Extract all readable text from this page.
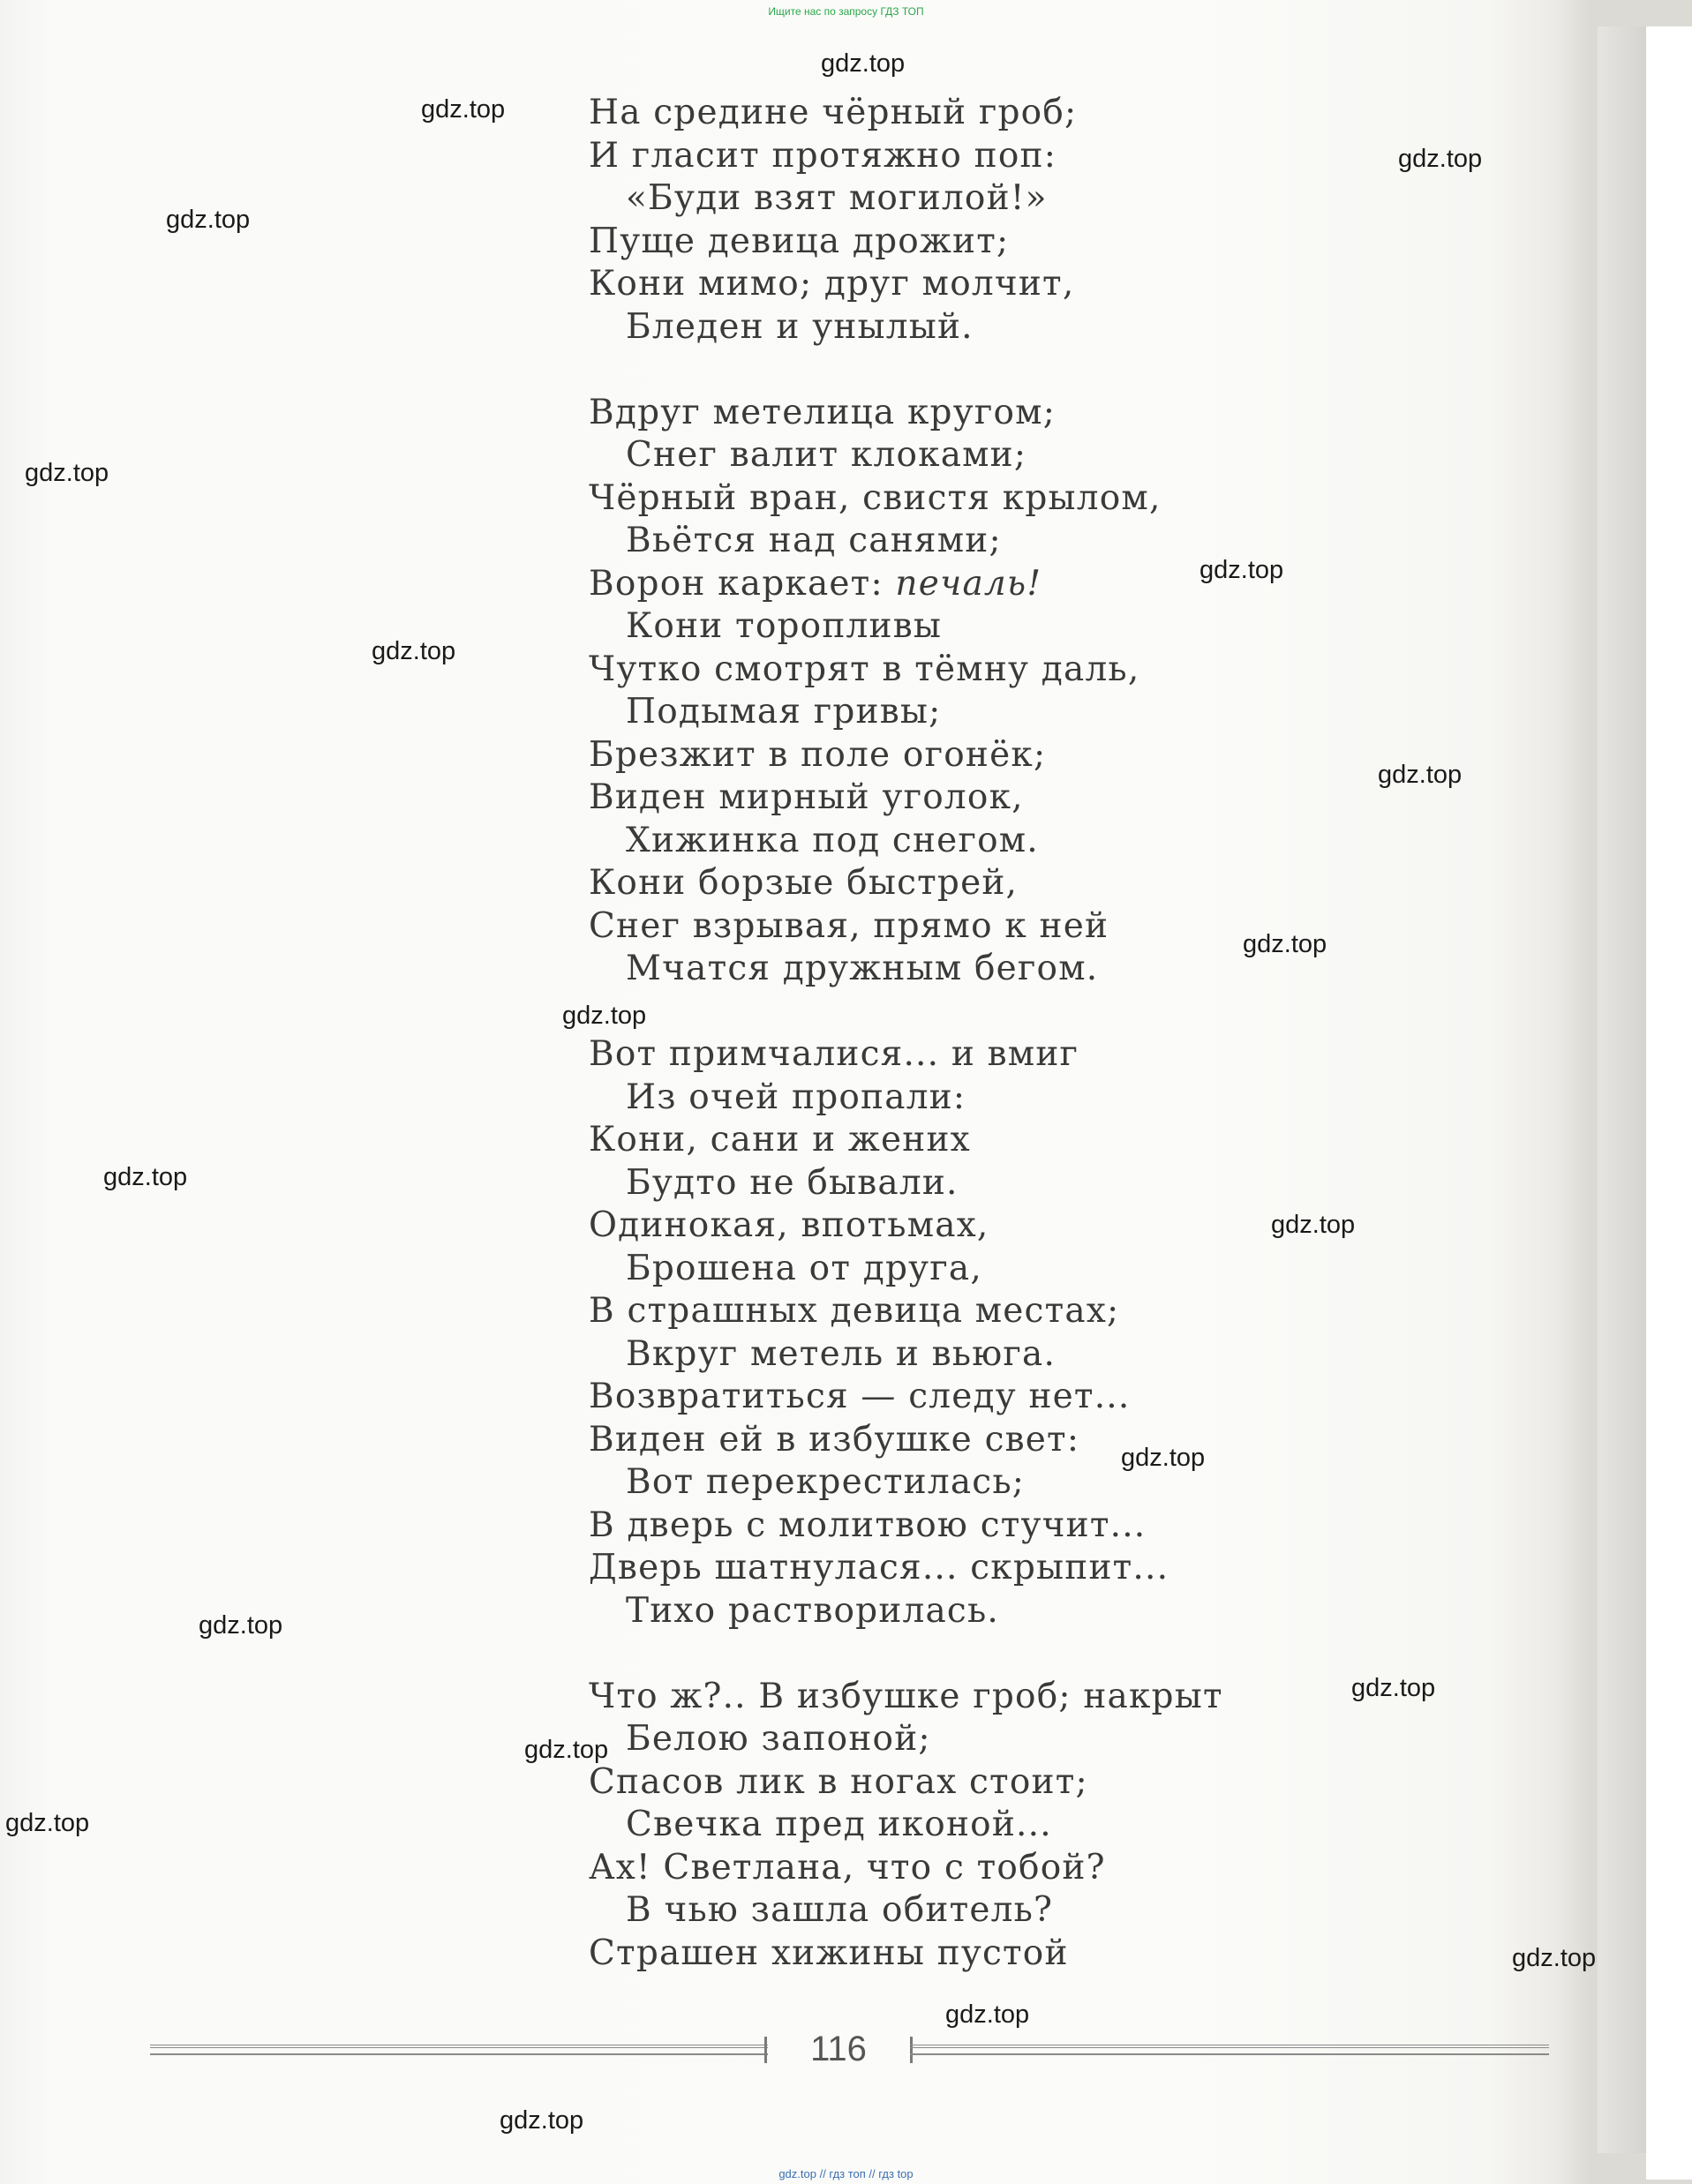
Ищите нас по запросу ГДЗ ТОП
На средине чёрный гроб;
И гласит протяжно поп:
«Буди взят могилой!»
Пуще девица дрожит;
Кони мимо; друг молчит,
Бледен и унылый.
Вдруг метелица кругом;
Снег валит клоками;
Чёрный вран, свистя крылом,
Вьётся над санями;
Ворон каркает: печаль!
Кони торопливы
Чутко смотрят в тёмну даль,
Подымая гривы;
Брезжит в поле огонёк;
Виден мирный уголок,
Хижинка под снегом.
Кони борзые быстрей,
Снег взрывая, прямо к ней
Мчатся дружным бегом.
Вот примчалися... и вмиг
Из очей пропали:
Кони, сани и жених
Будто не бывали.
Одинокая, впотьмах,
Брошена от друга,
В страшных девица местах;
Вкруг метель и вьюга.
Возвратиться — следу нет...
Виден ей в избушке свет:
Вот перекрестилась;
В дверь с молитвою стучит...
Дверь шатнулася... скрыпит...
Тихо растворилась.
Что ж?.. В избушке гроб; накрыт
Белою запоной;
Спасов лик в ногах стоит;
Свечка пред иконой...
Ах! Светлана, что с тобой?
В чью зашла обитель?
Страшен хижины пустой
gdz.top
gdz.top
gdz.top
gdz.top
gdz.top
gdz.top
gdz.top
gdz.top
gdz.top
gdz.top
gdz.top
gdz.top
gdz.top
gdz.top
gdz.top
gdz.top
gdz.top
gdz.top
gdz.top
gdz.top
116
gdz.top // гдз топ // гдз top
